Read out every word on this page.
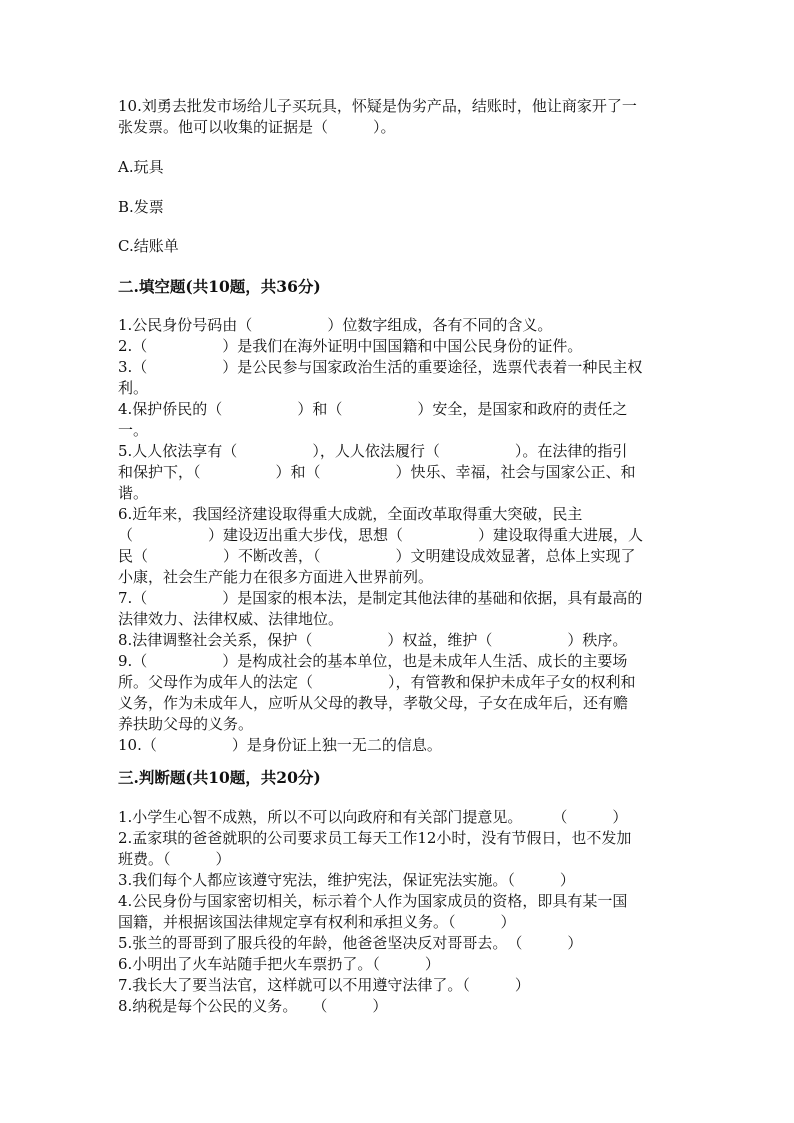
10.刘勇去批发市场给儿子买玩具，怀疑是伪劣产品，结账时，他让商家开了一
张发票。他可以收集的证据是（　　　）。
A.玩具
B.发票
C.结账单
二.填空题(共10题，共36分)
1.公民身份号码由（　　　　　）位数字组成，各有不同的含义。
2.（　　　　　）是我们在海外证明中国国籍和中国公民身份的证件。
3.（　　　　　）是公民参与国家政治生活的重要途径，选票代表着一种民主权
利。
4.保护侨民的（　　　　　）和（　　　　　）安全，是国家和政府的责任之
一。
5.人人依法享有（　　　　　），人人依法履行（　　　　　）。在法律的指引
和保护下，（　　　　　）和（　　　　　）快乐、幸福，社会与国家公正、和
谐。
6.近年来，我国经济建设取得重大成就，全面改革取得重大突破，民主
（　　　　　）建设迈出重大步伐，思想（　　　　　）建设取得重大进展，人
民（　　　　　）不断改善，（　　　　　）文明建设成效显著，总体上实现了
小康，社会生产能力在很多方面进入世界前列。
7.（　　　　　）是国家的根本法，是制定其他法律的基础和依据，具有最高的
法律效力、法律权威、法律地位。
8.法律调整社会关系，保护（　　　　　）权益，维护（　　　　　）秩序。
9.（　　　　　）是构成社会的基本单位，也是未成年人生活、成长的主要场
所。父母作为成年人的法定（　　　　　），有管教和保护未成年子女的权利和
义务，作为未成年人，应听从父母的教导，孝敬父母，子女在成年后，还有赡
养扶助父母的义务。
10.（　　　　　）是身份证上独一无二的信息。
三.判断题(共10题，共20分)
1.小学生心智不成熟，所以不可以向政府和有关部门提意见。　　　（　　　）
2.孟家琪的爸爸就职的公司要求员工每天工作12小时，没有节假日，也不发加
班费。（　　　）
3.我们每个人都应该遵守宪法，维护宪法，保证宪法实施。（　　　）
4.公民身份与国家密切相关，标示着个人作为国家成员的资格，即具有某一国
国籍，并根据该国法律规定享有权利和承担义务。（　　　）
5.张兰的哥哥到了服兵役的年龄，他爸爸坚决反对哥哥去。　（　　　）
6.小明出了火车站随手把火车票扔了。（　　　）
7.我长大了要当法官，这样就可以不用遵守法律了。（　　　）
8.纳税是每个公民的义务。　　（　　　）
